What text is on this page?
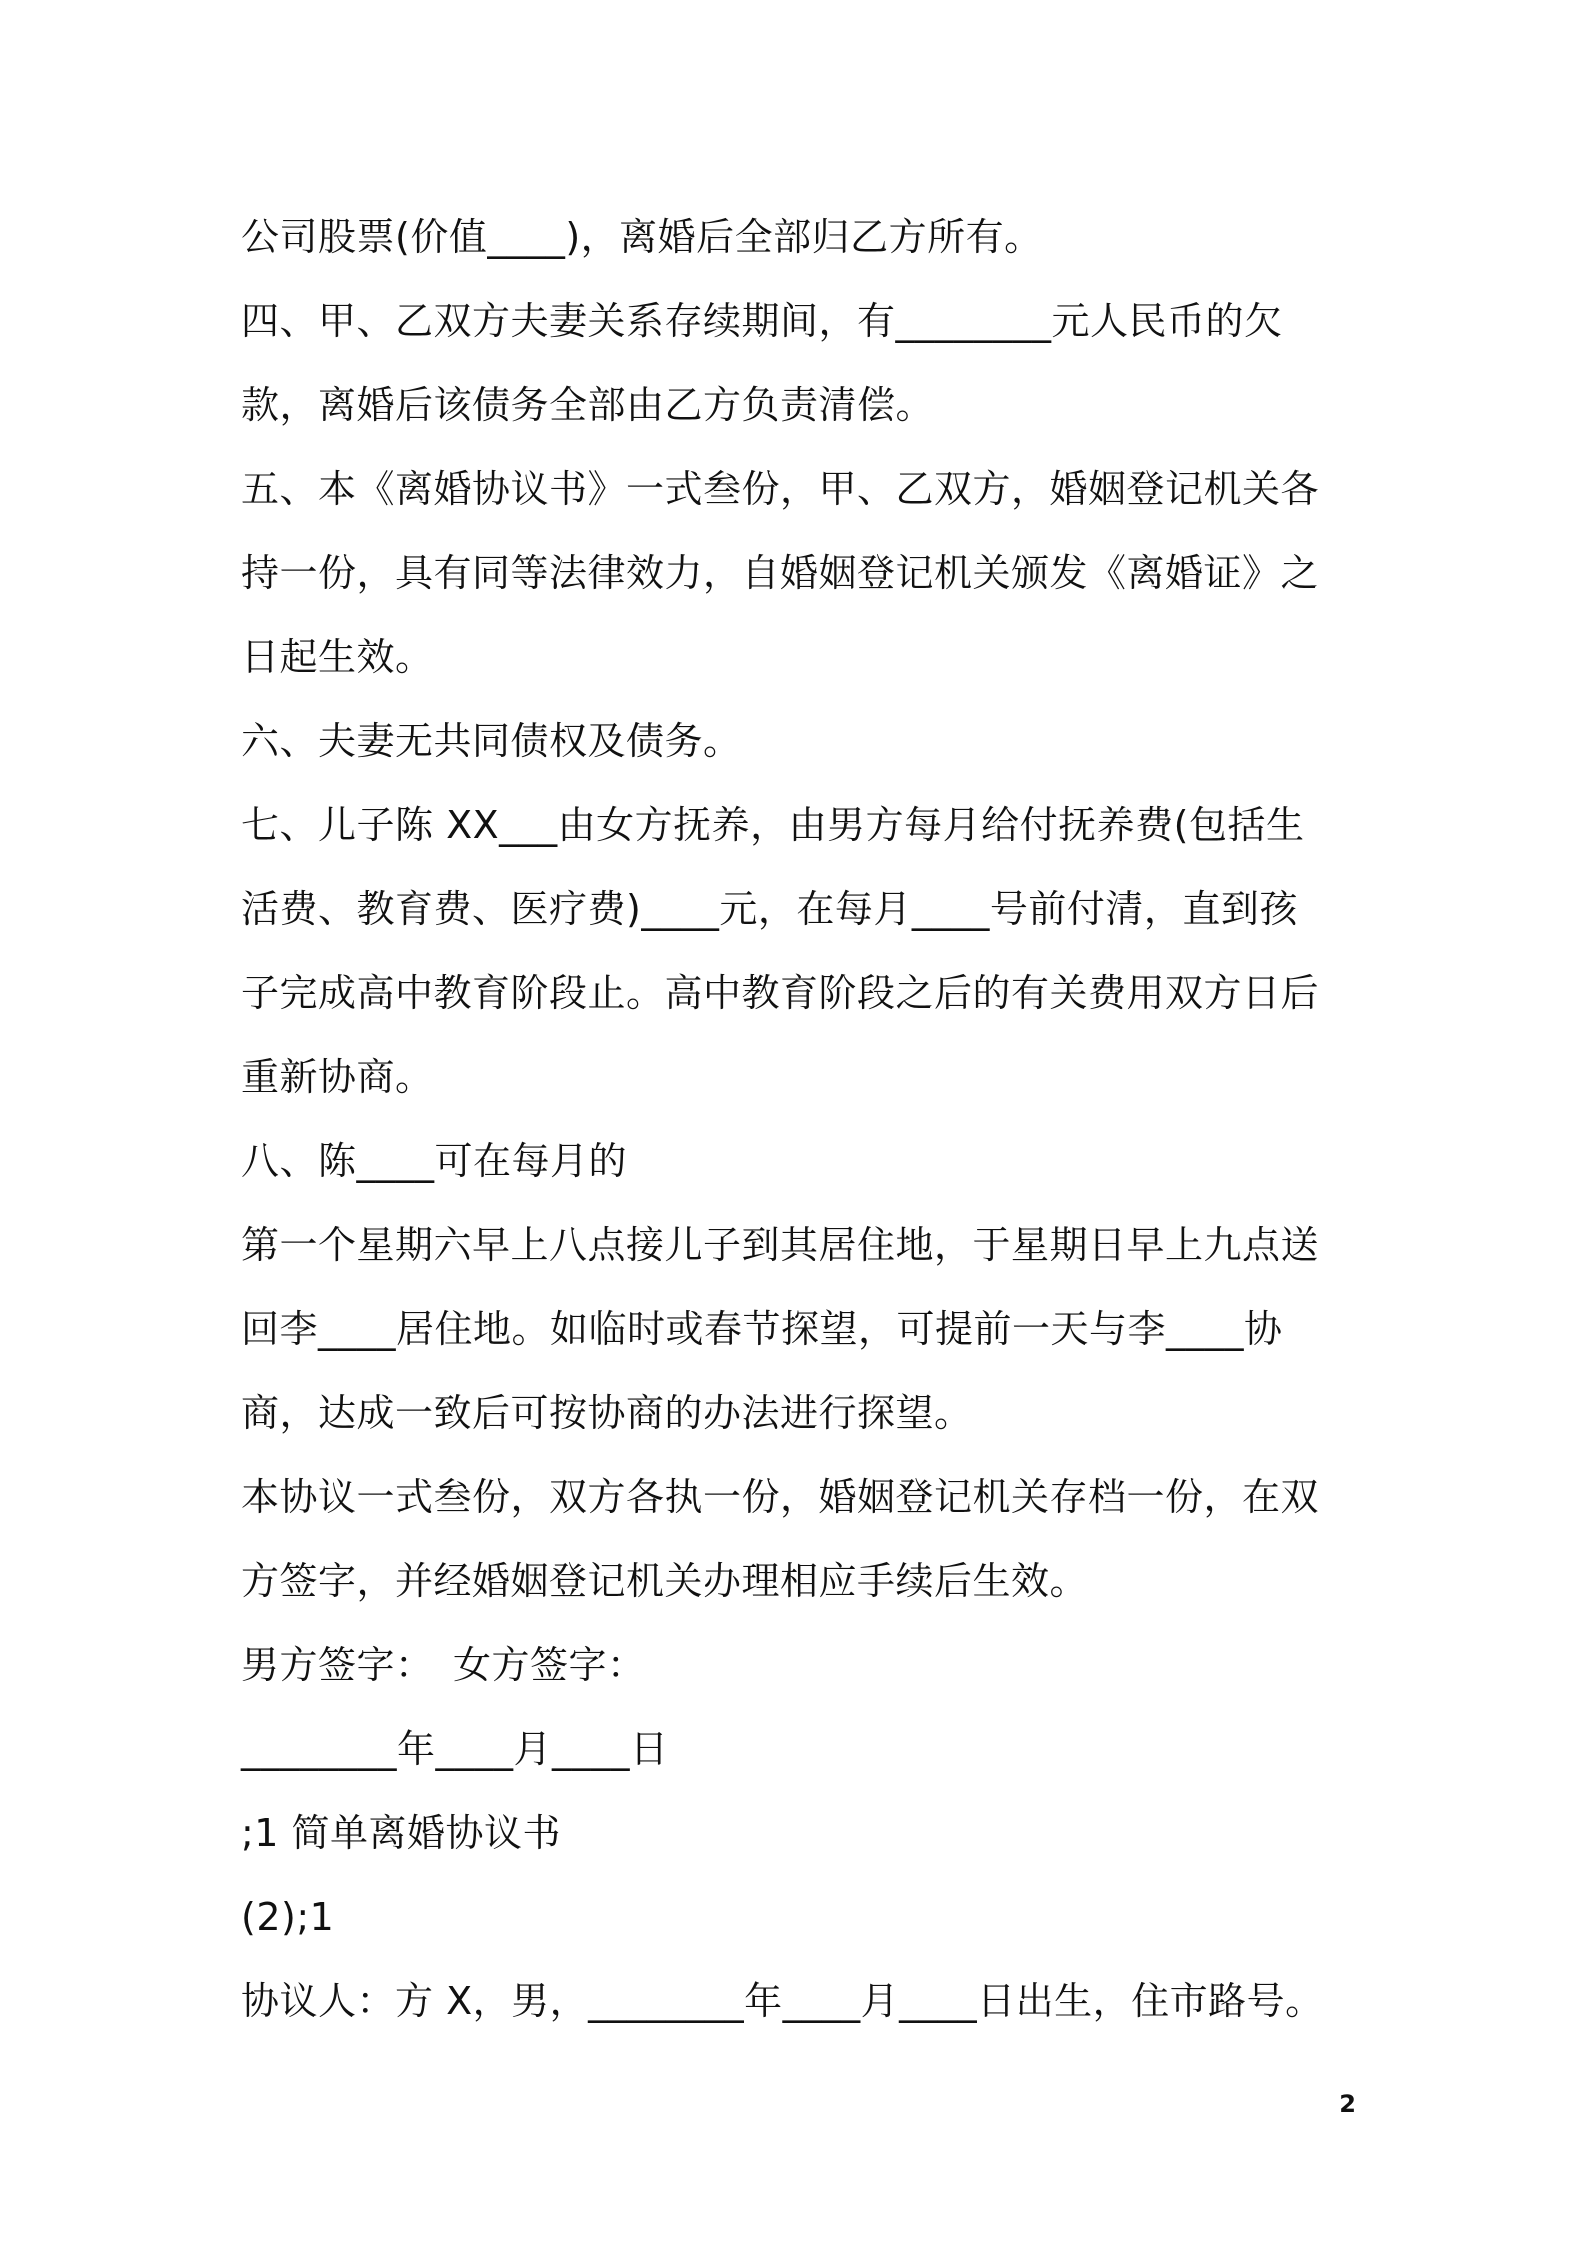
公司股票(价值____)，离婚后全部归乙方所有。
四、甲、乙双方夫妻关系存续期间，有________元人民币的欠
款，离婚后该债务全部由乙方负责清偿。
五、本《离婚协议书》一式叁份，甲、乙双方，婚姻登记机关各
持一份，具有同等法律效力，自婚姻登记机关颁发《离婚证》之
日起生效。
六、夫妻无共同债权及债务。
七、儿子陈 XX___由女方抚养，由男方每月给付抚养费(包括生
活费、教育费、医疗费)____元，在每月____号前付清，直到孩
子完成高中教育阶段止。高中教育阶段之后的有关费用双方日后
重新协商。
八、陈____可在每月的
第一个星期六早上八点接儿子到其居住地，于星期日早上九点送
回李____居住地。如临时或春节探望，可提前一天与李____协
商，达成一致后可按协商的办法进行探望。
本协议一式叁份，双方各执一份，婚姻登记机关存档一份，在双
方签字，并经婚姻登记机关办理相应手续后生效。
男方签字：　女方签字：
________年____月____日
;1 简单离婚协议书
(2);1
协议人：方 X，男，________年____月____日出生，住市路号。
2
